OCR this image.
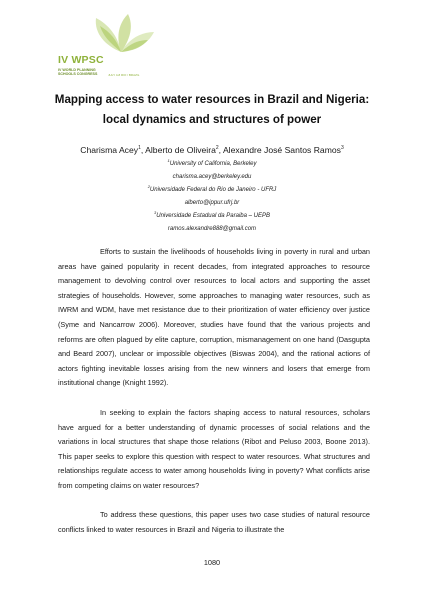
IV WPSC
IV WORLD PLANNING
SCHOOLS CONGRESS	JULY 4-8 RIO / BRAZIL
Mapping access to water resources in Brazil and Nigeria:
local dynamics and structures of power
Charisma Acey$^1$, Alberto de Oliveira$^2$, Alexandre José Santos Ramos$^3$
$^1$University of California, Berkeley
charisma.acey@berkeley.edu
$^2$Universidade Federal do Rio de Janeiro - UFRJ
alberto@ippur.ufrj.br
$^3$Universidade Estadual da Paraiba – UEPB
ramos.alexandre888@gmail.com

Efforts to sustain the livelihoods of households living in poverty in rural and urban areas have gained popularity in recent decades, from integrated approaches to resource management to devolving control over resources to local actors and supporting the asset strategies of households. However, some approaches to managing water resources, such as IWRM and WDM, have met resistance due to their prioritization of water efficiency over justice (Syme and Nancarrow 2006). Moreover, studies have found that the various projects and reforms are often plagued by elite capture, corruption, mismanagement on one hand (Dasgupta and Beard 2007), unclear or impossible objectives (Biswas 2004), and the rational actions of actors fighting inevitable losses arising from the new winners and losers that emerge from institutional change (Knight 1992).

In seeking to explain the factors shaping access to natural resources, scholars have argued for a better understanding of dynamic processes of social relations and the variations in local structures that shape those relations (Ribot and Peluso 2003, Boone 2013). This paper seeks to explore this question with respect to water resources. What structures and relationships regulate access to water among households living in poverty? What conflicts arise from competing claims on water resources?

To address these questions, this paper uses two case studies of natural resource conflicts linked to water resources in Brazil and Nigeria to illustrate the

1080
